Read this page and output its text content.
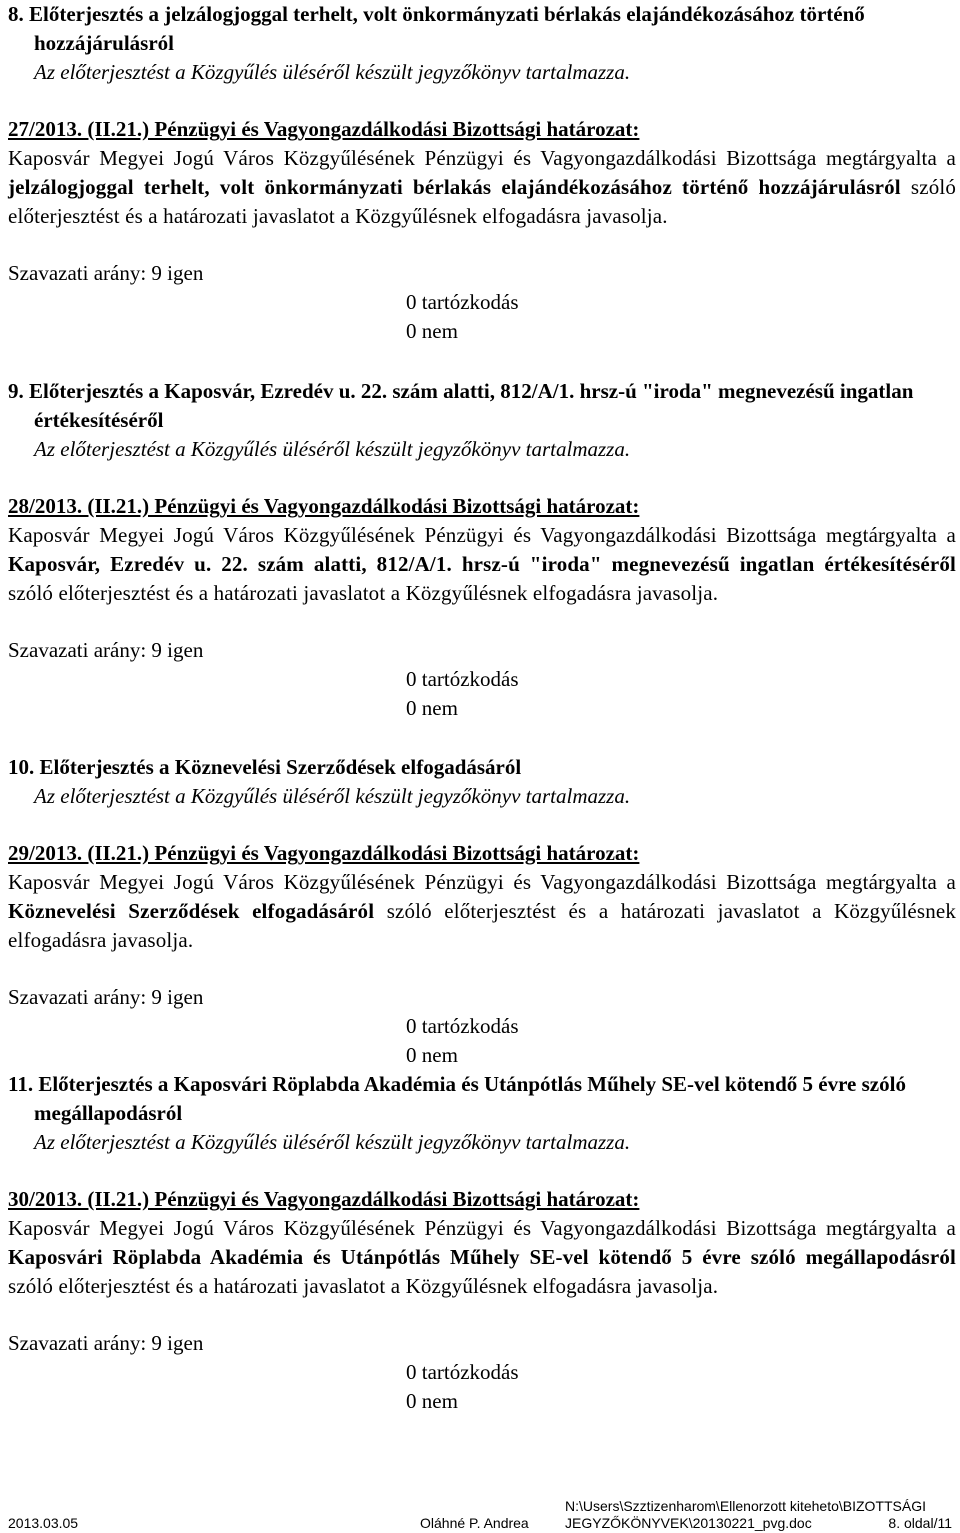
8. Előterjesztés a jelzálogjoggal terhelt, volt önkormányzati bérlakás elajándékozásához történő hozzájárulásról
Az előterjesztést a Közgyűlés üléséről készült jegyzőkönyv tartalmazza.
27/2013. (II.21.) Pénzügyi és Vagyongazdálkodási Bizottsági határozat:
Kaposvár Megyei Jogú Város Közgyűlésének Pénzügyi és Vagyongazdálkodási Bizottsága megtárgyalta a jelzálogjoggal terhelt, volt önkormányzati bérlakás elajándékozásához történő hozzájárulásról szóló előterjesztést és a határozati javaslatot a Közgyűlésnek elfogadásra javasolja.
Szavazati arány: 9 igen
0 tartózkodás
0 nem
9. Előterjesztés a Kaposvár, Ezredév u. 22. szám alatti, 812/A/1. hrsz-ú "iroda" megnevezésű ingatlan értékesítéséről
Az előterjesztést a Közgyűlés üléséről készült jegyzőkönyv tartalmazza.
28/2013. (II.21.) Pénzügyi és Vagyongazdálkodási Bizottsági határozat:
Kaposvár Megyei Jogú Város Közgyűlésének Pénzügyi és Vagyongazdálkodási Bizottsága megtárgyalta a Kaposvár, Ezredév u. 22. szám alatti, 812/A/1. hrsz-ú "iroda" megnevezésű ingatlan értékesítéséről szóló előterjesztést és a határozati javaslatot a Közgyűlésnek elfogadásra javasolja.
Szavazati arány: 9 igen
0 tartózkodás
0 nem
10. Előterjesztés a Köznevelési Szerződések elfogadásáról
Az előterjesztést a Közgyűlés üléséről készült jegyzőkönyv tartalmazza.
29/2013. (II.21.) Pénzügyi és Vagyongazdálkodási Bizottsági határozat:
Kaposvár Megyei Jogú Város Közgyűlésének Pénzügyi és Vagyongazdálkodási Bizottsága megtárgyalta a Köznevelési Szerződések elfogadásáról szóló előterjesztést és a határozati javaslatot a Közgyűlésnek elfogadásra javasolja.
Szavazati arány: 9 igen
0 tartózkodás
0 nem
11. Előterjesztés a Kaposvári Röplabda Akadémia és Utánpótlás Műhely SE-vel kötendő 5 évre szóló megállapodásról
Az előterjesztést a Közgyűlés üléséről készült jegyzőkönyv tartalmazza.
30/2013. (II.21.) Pénzügyi és Vagyongazdálkodási Bizottsági határozat:
Kaposvár Megyei Jogú Város Közgyűlésének Pénzügyi és Vagyongazdálkodási Bizottsága megtárgyalta a Kaposvári Röplabda Akadémia és Utánpótlás Műhely SE-vel kötendő 5 évre szóló megállapodásról szóló előterjesztést és a határozati javaslatot a Közgyűlésnek elfogadásra javasolja.
Szavazati arány: 9 igen
0 tartózkodás
0 nem
N:\Users\Szztizenharom\Ellenorzott kiteheto\BIZOTTSÁGI JEGYZŐKÖNYVEK\20130221_pvg.doc
2013.03.05	Oláhné P. Andrea	8. oldal/11
